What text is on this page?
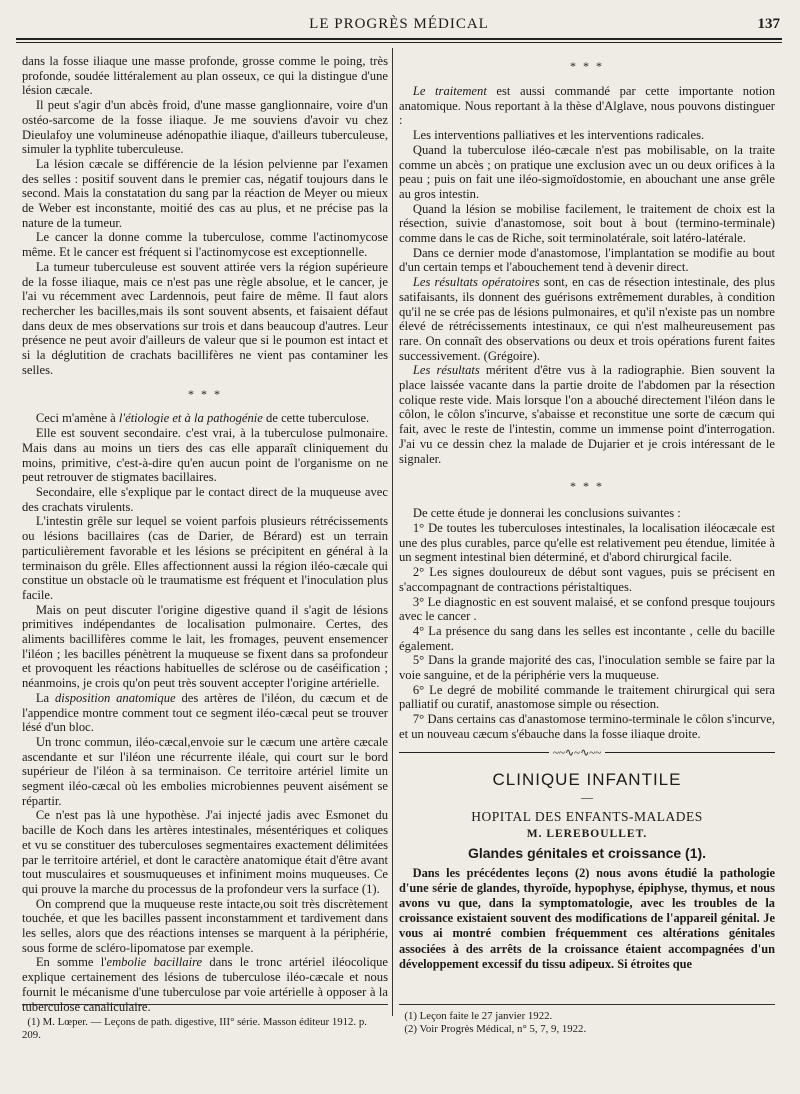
LE PROGRÈS MÉDICAL	137

dans la fosse iliaque une masse profonde, grosse comme le poing, très profonde, soudée littéralement au plan osseux, ce qui la distingue d'une lésion cæcale.

Il peut s'agir d'un abcès froid, d'une masse ganglionnaire, voire d'un ostéo-sarcome de la fosse iliaque. Je me souviens d'avoir vu chez Dieulafoy une volumineuse adénopathie iliaque, d'ailleurs tuberculeuse, simuler la typhlite tuberculeuse.

La lésion cæcale se différencie de la lésion pelvienne par l'examen des selles : positif souvent dans le premier cas, négatif toujours dans le second. Mais la constatation du sang par la réaction de Meyer ou mieux de Weber est inconstante, moitié des cas au plus, et ne précise pas la nature de la tumeur.

Le cancer la donne comme la tuberculose, comme l'actinomycose même. Et le cancer est fréquent si l'actinomycose est exceptionnelle.

La tumeur tuberculeuse est souvent attirée vers la région supérieure de la fosse iliaque, mais ce n'est pas une règle absolue, et le cancer, je l'ai vu récemment avec Lardennois, peut faire de même. Il faut alors rechercher les bacilles,mais ils sont souvent absents, et faisaient défaut dans deux de mes observations sur trois et dans beaucoup d'autres. Leur présence ne peut avoir d'ailleurs de valeur que si le poumon est intact et si la déglutition de crachats bacillifères ne vient pas contaminer les selles.

* * *

Ceci m'amène à l'étiologie et à la pathogénie de cette tuberculose.

Elle est souvent secondaire. c'est vrai, à la tuberculose pulmonaire. Mais dans au moins un tiers des cas elle apparaît cliniquement du moins, primitive, c'est-à-dire qu'en aucun point de l'organisme on ne peut retrouver de stigmates bacillaires.

Secondaire, elle s'explique par le contact direct de la muqueuse avec des crachats virulents.

L'intestin grêle sur lequel se voient parfois plusieurs rétrécissements ou lésions bacillaires (cas de Darier, de Bérard) est un terrain particulièrement favorable et les lésions se précipitent en général à la terminaison du grêle. Elles affectionnent aussi la région iléo-cæcale qui constitue un obstacle où le traumatisme est fréquent et l'inoculation plus facile.

Mais on peut discuter l'origine digestive quand il s'agit de lésions primitives indépendantes de localisation pulmonaire. Certes, des aliments bacillifères comme le lait, les fromages, peuvent ensemencer l'iléon ; les bacilles pénètrent la muqueuse se fixent dans sa profondeur et provoquent les réactions habituelles de sclérose ou de caséification ; néanmoins, je crois qu'on peut très souvent accepter l'origine artérielle.

La disposition anatomique des artères de l'iléon, du cæcum et de l'appendice montre comment tout ce segment iléo-cæcal peut se trouver lésé d'un bloc.

Un tronc commun, iléo-cæcal,envoie sur le cæcum une artère cæcale ascendante et sur l'iléon une récurrente iléale, qui court sur le bord supérieur de l'iléon à sa terminaison. Ce territoire artériel limite un segment iléo-cæcal où les embolies microbiennes peuvent aisément se répartir.

Ce n'est pas là une hypothèse. J'ai injecté jadis avec Esmonet du bacille de Koch dans les artères intestinales, mésentériques et coliques et vu se constituer des tuberculoses segmentaires exactement délimitées par le territoire artériel, et dont le caractère anatomique était d'être avant tout musculaires et sousmuqueuses et infiniment moins muqueuses. Ce qui prouve la marche du processus de la profondeur vers la surface (1).

On comprend que la muqueuse reste intacte,ou soit très discrètement touchée, et que les bacilles passent inconstamment et tardivement dans les selles, alors que des réactions intenses se marquent à la périphérie, sous forme de scléro-lipomatose par exemple.

En somme l'embolie bacillaire dans le tronc artériel iléocolique explique certainement des lésions de tuberculose iléo-cæcale et nous fournit le mécanisme d'une tuberculose par voie artérielle à opposer à la tuberculose canaliculaire.

* * *

Le traitement est aussi commandé par cette importante notion anatomique. Nous reportant à la thèse d'Alglave, nous pouvons distinguer :

Les interventions palliatives et les interventions radicales.

Quand la tuberculose iléo-cæcale n'est pas mobilisable, on la traite comme un abcès ; on pratique une exclusion avec un ou deux orifices à la peau ; puis on fait une iléo-sigmoïdostomie, en abouchant une anse grêle au gros intestin.

Quand la lésion se mobilise facilement, le traitement de choix est la résection, suivie d'anastomose, soit bout à bout (termino-terminale) comme dans le cas de Riche, soit terminolatérale, soit latéro-latérale.

Dans ce dernier mode d'anastomose, l'implantation se modifie au bout d'un certain temps et l'abouchement tend à devenir direct.

Les résultats opératoires sont, en cas de résection intestinale, des plus satifaisants, ils donnent des guérisons extrêmement durables, à condition qu'il ne se crée pas de lésions pulmonaires, et qu'il n'existe pas un nombre élevé de rétrécissements intestinaux, ce qui n'est malheureusement pas rare. On connaît des observations ou deux et trois opérations furent faites successivement. (Grégoire).

Les résultats méritent d'être vus à la radiographie. Bien souvent la place laissée vacante dans la partie droite de l'abdomen par la résection colique reste vide. Mais lorsque l'on a abouché directement l'iléon dans le côlon, le côlon s'incurve, s'abaisse et reconstitue une sorte de cæcum qui fait, avec le reste de l'intestin, comme un immense point d'interrogation. J'ai vu ce dessin chez la malade de Dujarier et je crois intéressant de le signaler.

* * *

De cette étude je donnerai les conclusions suivantes :

1° De toutes les tuberculoses intestinales, la localisation iléocæcale est une des plus curables, parce qu'elle est relativement peu étendue, limitée à un segment intestinal bien déterminé, et d'abord chirurgical facile.

2° Les signes douloureux de début sont vagues, puis se précisent en s'accompagnant de contractions péristaltiques.

3° Le diagnostic en est souvent malaisé, et se confond presque toujours avec le cancer .

4° La présence du sang dans les selles est incontante , celle du bacille également.

5° Dans la grande majorité des cas, l'inoculation semble se faire par la voie sanguine, et de la périphérie vers la muqueuse.

6° Le degré de mobilité commande le traitement chirurgical qui sera palliatif ou curatif, anastomose simple ou résection.

7° Dans certains cas d'anastomose termino-terminale le côlon s'incurve, et un nouveau cæcum s'ébauche dans la fosse iliaque droite.

~~∿~∿~~
CLINIQUE INFANTILE
—
HOPITAL DES ENFANTS-MALADES
M. LEREBOULLET.
Glandes génitales et croissance (1).

Dans les précédentes leçons (2) nous avons étudié la pathologie d'une série de glandes, thyroïde, hypophyse, épiphyse, thymus, et nous avons vu que, dans la symptomatologie, avec les troubles de la croissance existaient souvent des modifications de l'appareil génital. Je vous ai montré combien fréquemment ces altérations génitales associées à des arrêts de la croissance étaient accompagnées d'un développement excessif du tissu adipeux. Si étroites que

(1) M. Lœper. — Leçons de path. digestive, III° série. Masson éditeur 1912. p. 209.
(1) Leçon faite le 27 janvier 1922.
(2) Voir Progrès Médical, n° 5, 7, 9, 1922.
